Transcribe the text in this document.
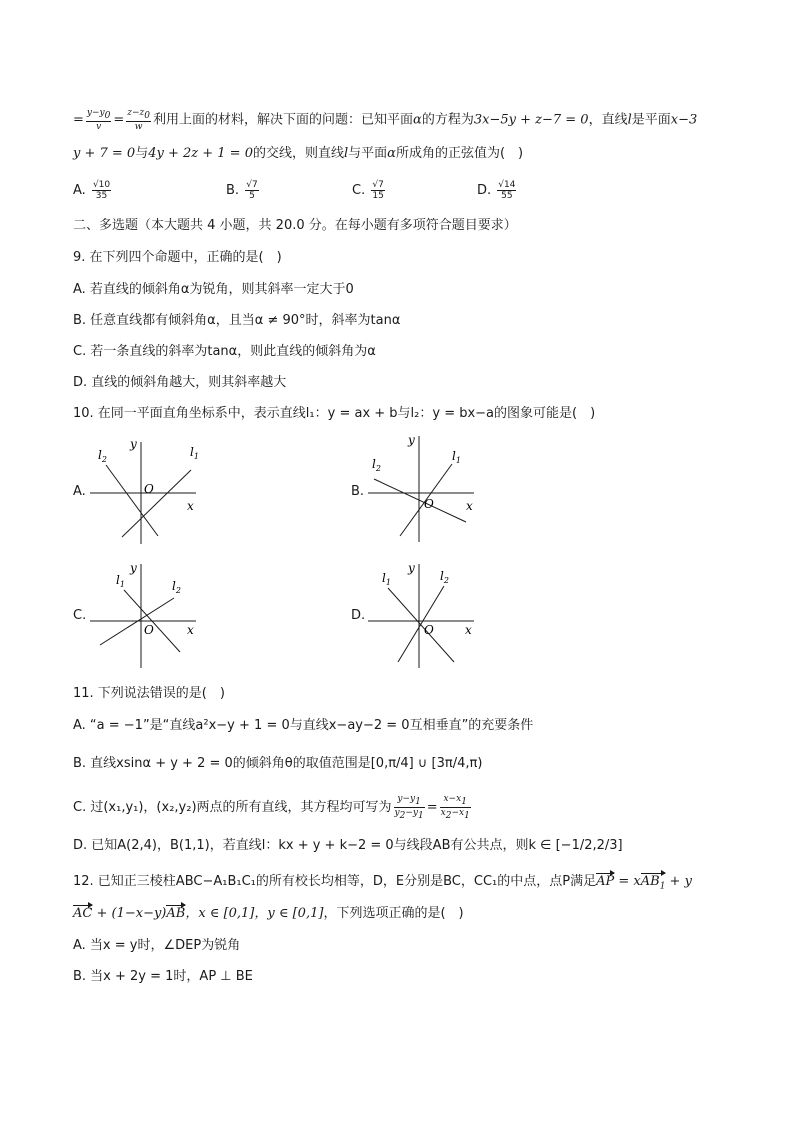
= $\frac{y-y_0}{v} = \frac{z-z_0}{w}$ 利用上面的材料，解决下面的问题：已知平面α的方程为3x−5y + z−7 = 0，直线l是平面x−3
y + 7 = 0与4y + 2z + 1 = 0的交线，则直线l与平面α所成角的正弦值为(　)
A. $\frac{√10}{35}$	B. $\frac{√7}{5}$	C. $\frac{√7}{15}$	D. $\frac{√14}{55}$
二、多选题（本大题共 4 小题，共 20.0 分。在每小题有多项符合题目要求）
9. 在下列四个命题中，正确的是(　)
A. 若直线的倾斜角α为锐角，则其斜率一定大于0
B. 任意直线都有倾斜角α，且当α ≠ 90°时，斜率为tanα
C. 若一条直线的斜率为tanα，则此直线的倾斜角为α
D. 直线的倾斜角越大，则其斜率越大
10. 在同一平面直角坐标系中，表示直线l₁：y = ax + b与l₂：y = bx−a的图象可能是(　)
A.
y
x
O
$l_2$
$l_1$
B.
y
x
O
$l_2$
$l_1$
C.
y
x
O
$l_1$	$l_2$
D.
y
x
O
$l_1$	$l_2$
11. 下列说法错误的是(　)
A. “a = −1”是“直线a²x−y + 1 = 0与直线x−ay−2 = 0互相垂直”的充要条件
B. 直线xsinα + y + 2 = 0的倾斜角θ的取值范围是[0,π/4] ∪ [3π/4,π)
C. 过(x₁,y₁)，(x₂,y₂)两点的所有直线，其方程均可写为 $\frac{y-y_1}{y_2-y_1} = \frac{x-x_1}{x_2-x_1}$
D. 已知A(2,4)，B(1,1)，若直线l：kx + y + k−2 = 0与线段AB有公共点，则k ∈ [−1/2,2/3]
12. 已知正三棱柱ABC−A₁B₁C₁的所有校长均相等，D，E分别是BC，CC₁的中点，点P满足AP = xAB$_1$ + y
AC + (1−x−y)AB，x ∈ [0,1]，y ∈ [0,1]，下列选项正确的是(　)
A. 当x = y时，∠DEP为锐角
B. 当x + 2y = 1时，AP ⊥ BE
